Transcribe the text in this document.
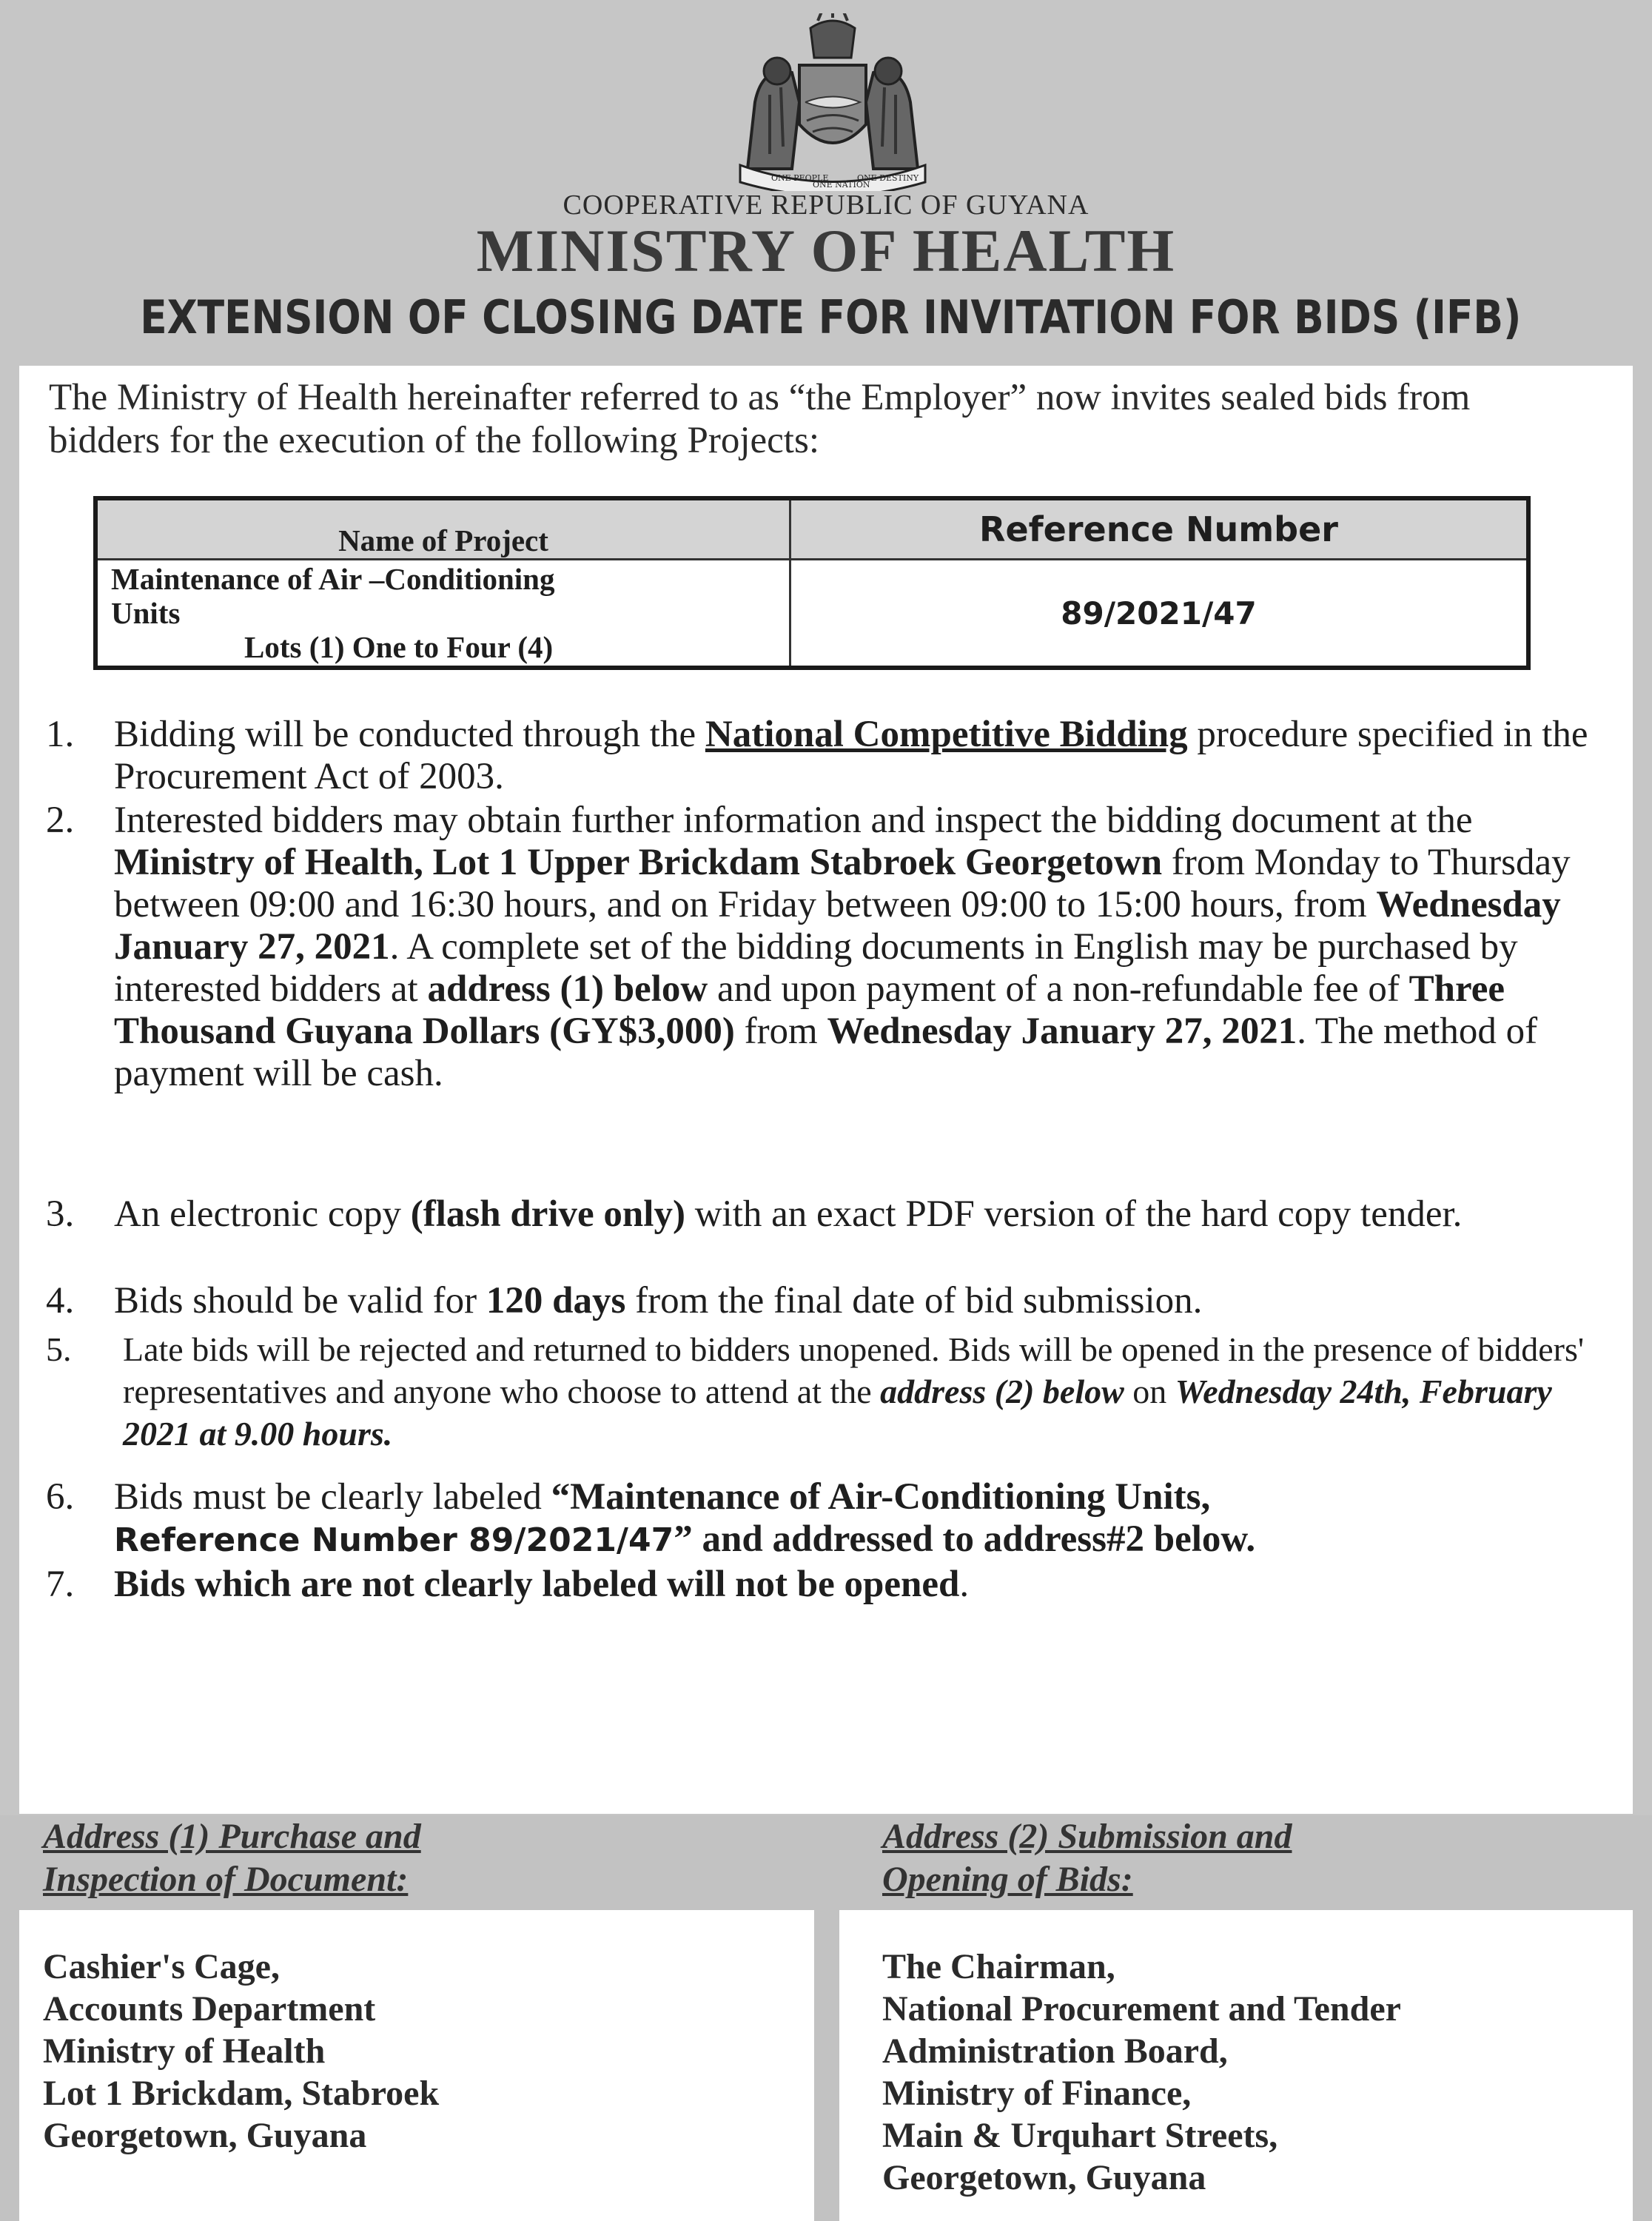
ONE PEOPLE
ONE NATION
ONE DESTINY
COOPERATIVE REPUBLIC OF GUYANA
MINISTRY OF HEALTH
EXTENSION OF CLOSING DATE FOR INVITATION FOR BIDS (IFB)

The Ministry of Health hereinafter referred to as “the Employer” now invites sealed bids from bidders for the execution of the following Projects:

Name of Project	Reference Number

Maintenance of Air –Conditioning
Units
Lots (1) One to Four (4)	89/2021/47
1.	Bidding will be conducted through the National Competitive Bidding procedure specified in the Procurement Act of 2003.
2.	Interested bidders may obtain further information and inspect the bidding document at the Ministry of Health, Lot 1 Upper Brickdam Stabroek Georgetown from Monday to Thursday between 09:00 and 16:30 hours, and on Friday between 09:00 to 15:00 hours, from Wednesday January 27, 2021. A complete set of the bidding documents in English may be purchased by interested bidders at address (1) below and upon payment of a non-refundable fee of Three Thousand Guyana Dollars (GY$3,000) from Wednesday January 27, 2021. The method of payment will be cash.
3.	An electronic copy (flash drive only) with an exact PDF version of the hard copy tender.
4.	Bids should be valid for 120 days from the final date of bid submission.
5.	Late bids will be rejected and returned to bidders unopened. Bids will be opened in the presence of bidders' representatives and anyone who choose to attend at the address (2) below on Wednesday 24th, February 2021 at 9.00 hours.
6.	Bids must be clearly labeled “Maintenance of Air-Conditioning Units,
Reference Number 89/2021/47” and addressed to address#2 below.
7.	Bids which are not clearly labeled will not be opened.
Address (1) Purchase and
Inspection of Document:
Address (2) Submission and
Opening of Bids:
Cashier's Cage,
Accounts Department
Ministry of Health
Lot 1 Brickdam, Stabroek
Georgetown, Guyana
The Chairman,
National Procurement and Tender
Administration Board,
Ministry of Finance,
Main & Urquhart Streets,
Georgetown, Guyana
